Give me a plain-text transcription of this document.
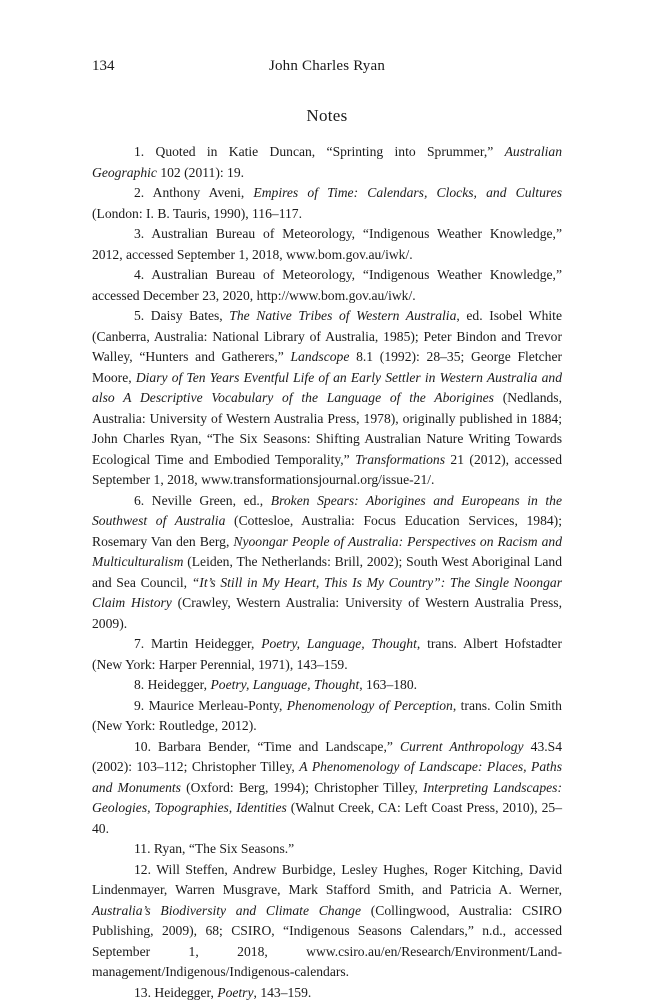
134	John Charles Ryan
Notes

1. Quoted in Katie Duncan, “Sprinting into Sprummer,” Australian Geographic 102 (2011): 19.

2. Anthony Aveni, Empires of Time: Calendars, Clocks, and Cultures (London: I. B. Tauris, 1990), 116–117.

3. Australian Bureau of Meteorology, “Indigenous Weather Knowledge,” 2012, accessed September 1, 2018, www.bom.gov.au/iwk/.

4. Australian Bureau of Meteorology, “Indigenous Weather Knowledge,” accessed December 23, 2020, http://www.bom.gov.au/iwk/.

5. Daisy Bates, The Native Tribes of Western Australia, ed. Isobel White (Canberra, Australia: National Library of Australia, 1985); Peter Bindon and Trevor Walley, “Hunters and Gatherers,” Landscope 8.1 (1992): 28–35; George Fletcher Moore, Diary of Ten Years Eventful Life of an Early Settler in Western Australia and also A Descriptive Vocabulary of the Language of the Aborigines (Nedlands, Australia: University of Western Australia Press, 1978), originally published in 1884; John Charles Ryan, “The Six Seasons: Shifting Australian Nature Writing Towards Ecological Time and Embodied Temporality,” Transformations 21 (2012), accessed September 1, 2018, www.transformationsjournal.org/issue-21/.

6. Neville Green, ed., Broken Spears: Aborigines and Europeans in the Southwest of Australia (Cottesloe, Australia: Focus Education Services, 1984); Rosemary Van den Berg, Nyoongar People of Australia: Perspectives on Racism and Multiculturalism (Leiden, The Netherlands: Brill, 2002); South West Aboriginal Land and Sea Council, “It’s Still in My Heart, This Is My Country”: The Single Noongar Claim History (Crawley, Western Australia: University of Western Australia Press, 2009).

7. Martin Heidegger, Poetry, Language, Thought, trans. Albert Hofstadter (New York: Harper Perennial, 1971), 143–159.

8. Heidegger, Poetry, Language, Thought, 163–180.

9. Maurice Merleau-Ponty, Phenomenology of Perception, trans. Colin Smith (New York: Routledge, 2012).

10. Barbara Bender, “Time and Landscape,” Current Anthropology 43.S4 (2002): 103–112; Christopher Tilley, A Phenomenology of Landscape: Places, Paths and Monuments (Oxford: Berg, 1994); Christopher Tilley, Interpreting Landscapes: Geologies, Topographies, Identities (Walnut Creek, CA: Left Coast Press, 2010), 25–40.

11. Ryan, “The Six Seasons.”

12. Will Steffen, Andrew Burbidge, Lesley Hughes, Roger Kitching, David Lindenmayer, Warren Musgrave, Mark Stafford Smith, and Patricia A. Werner, Australia’s Biodiversity and Climate Change (Collingwood, Australia: CSIRO Publishing, 2009), 68; CSIRO, “Indigenous Seasons Calendars,” n.d., accessed September 1, 2018, www.csiro.au/en/Research/Environment/Land-management/Indigenous/Indigenous-calendars.

13. Heidegger, Poetry, 143–159.
